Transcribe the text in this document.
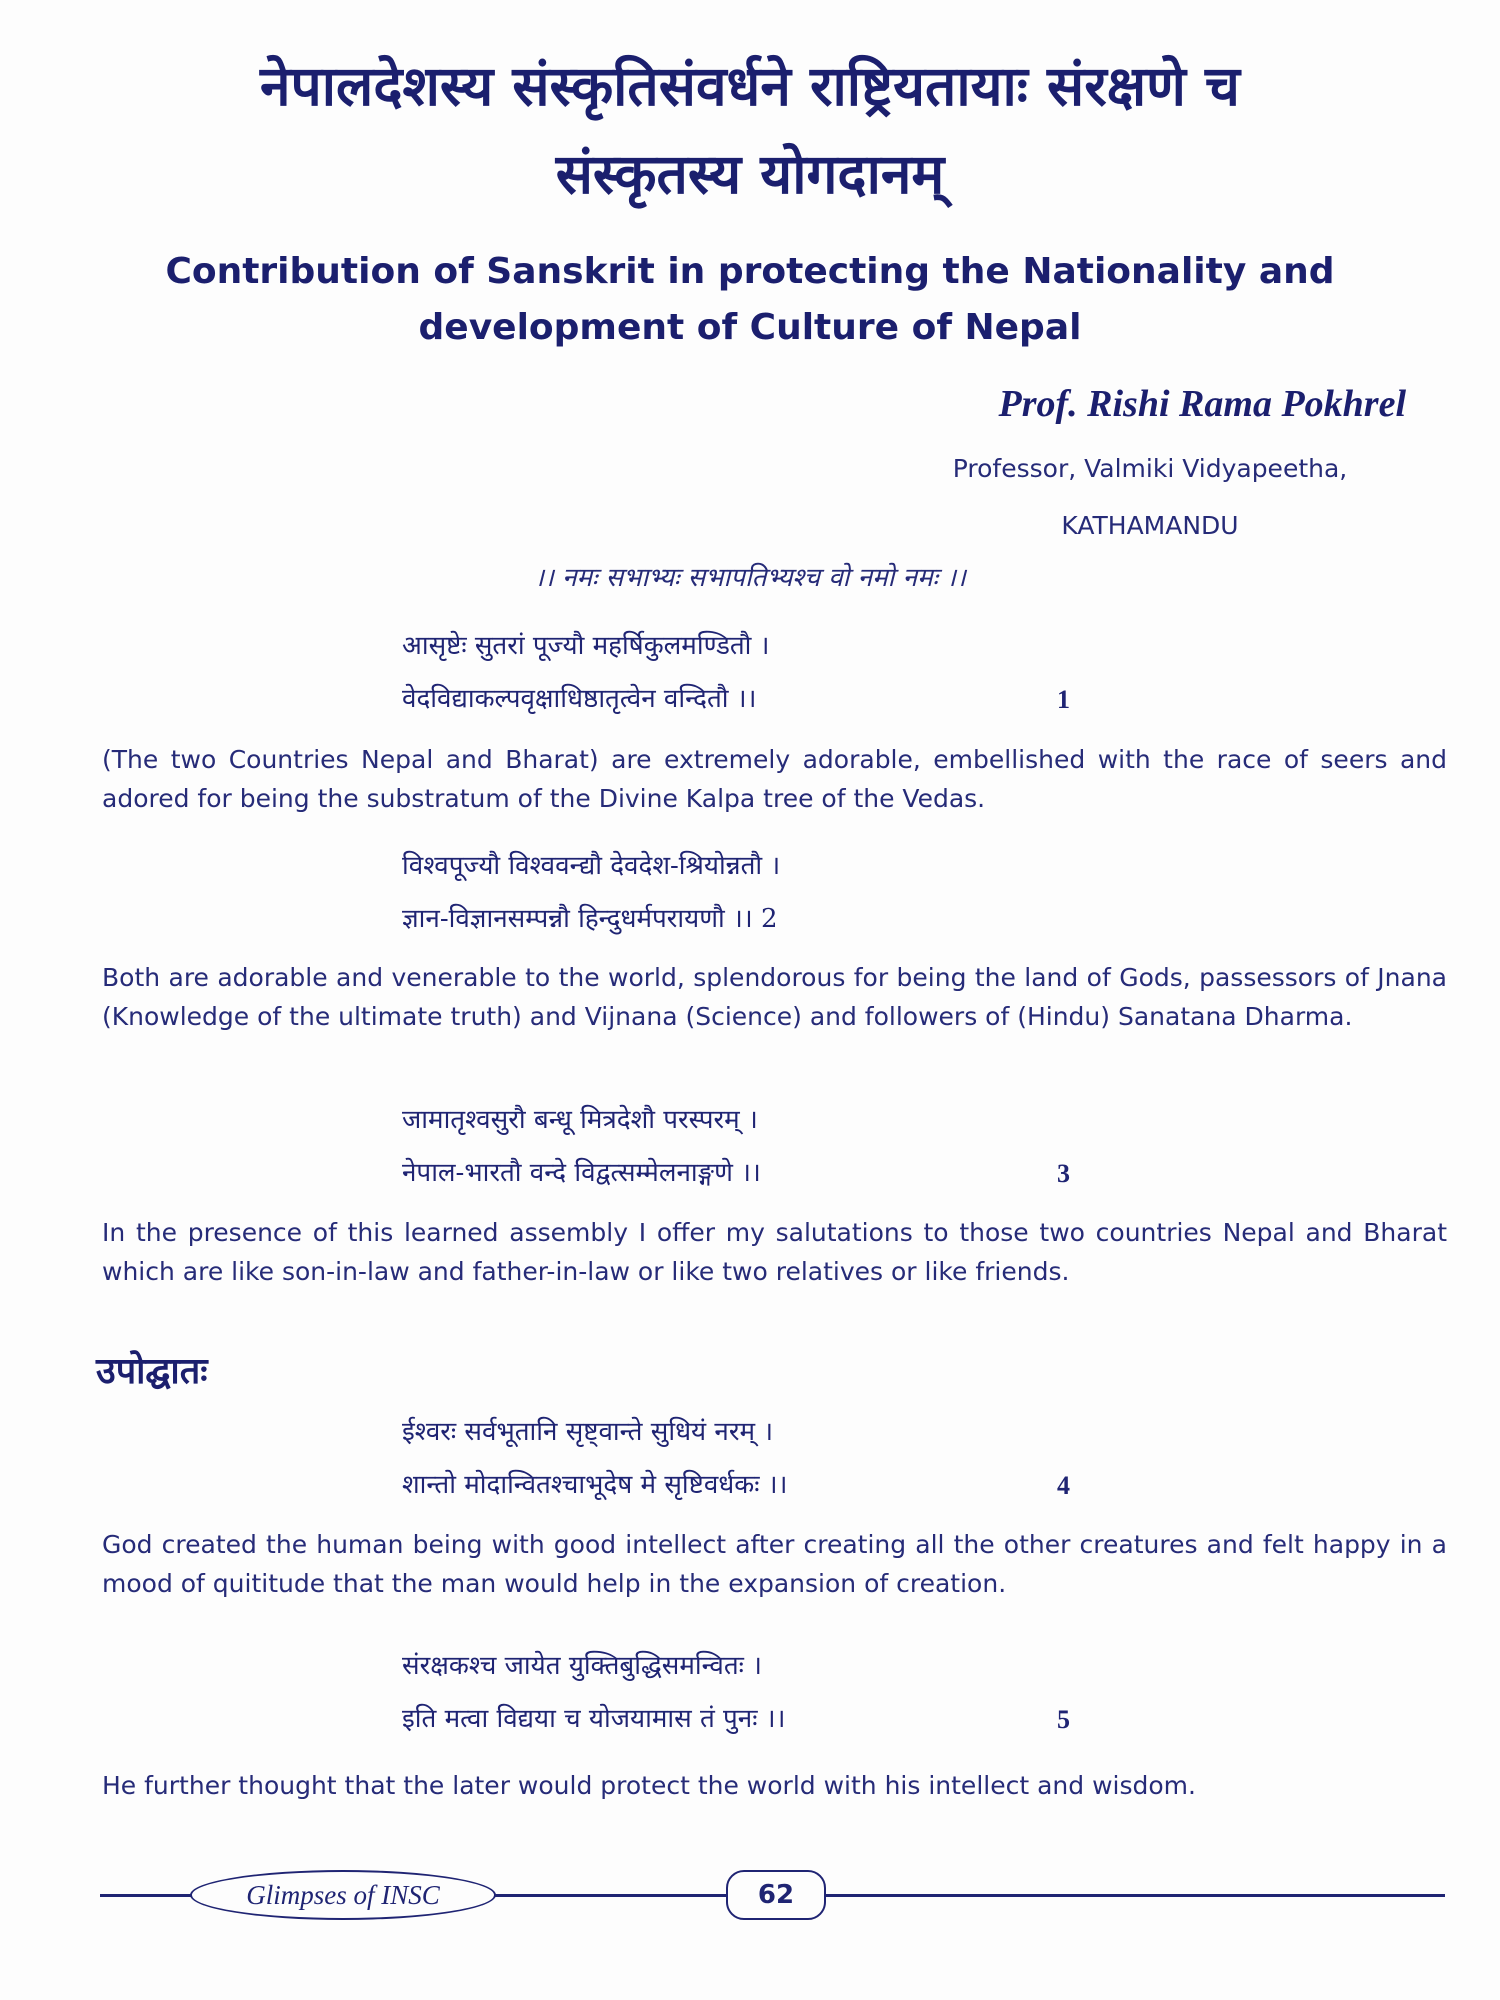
नेपालदेशस्य संस्कृतिसंवर्धने राष्ट्रियतायाः संरक्षणे च
संस्कृतस्य योगदानम्
Contribution of Sanskrit in protecting the Nationality and
development of Culture of Nepal
Prof. Rishi Rama Pokhrel
Professor, Valmiki Vidyapeetha,
KATHAMANDU
।। नमः सभाभ्यः सभापतिभ्यश्च वो नमो नमः ।।
आसृष्टेः सुतरां पूज्यौ महर्षिकुलमण्डितौ ।
वेदविद्याकल्पवृक्षाधिष्ठातृत्वेन वन्दितौ ।।	1
(The two Countries Nepal and Bharat) are extremely adorable, embellished with the race of seers and adored for being the substratum of the Divine Kalpa tree of the Vedas.
विश्वपूज्यौ विश्ववन्द्यौ देवदेश-श्रियोन्नतौ ।
ज्ञान-विज्ञानसम्पन्नौ हिन्दुधर्मपरायणौ ।। 2
Both are adorable and venerable to the world, splendorous for being the land of Gods, passessors of Jnana (Knowledge of the ultimate truth) and Vijnana (Science) and followers of (Hindu) Sanatana Dharma.
जामातृश्वसुरौ बन्धू मित्रदेशौ परस्परम् ।
नेपाल-भारतौ वन्दे विद्वत्सम्मेलनाङ्गणे ।।	3
In the presence of this learned assembly I offer my salutations to those two countries Nepal and Bharat which are like son-in-law and father-in-law or like two relatives or like friends.
उपोद्घातः
ईश्वरः सर्वभूतानि सृष्ट्वान्ते सुधियं नरम् ।
शान्तो मोदान्वितश्चाभूदेष मे सृष्टिवर्धकः ।।	4
God created the human being with good intellect after creating all the other creatures and felt happy in a mood of quititude that the man would help in the expansion of creation.
संरक्षकश्च जायेत युक्तिबुद्धिसमन्वितः ।
इति मत्वा विद्यया च योजयामास तं पुनः ।।	5
He further thought that the later would protect the world with his intellect and wisdom.
Glimpses of INSC	62
